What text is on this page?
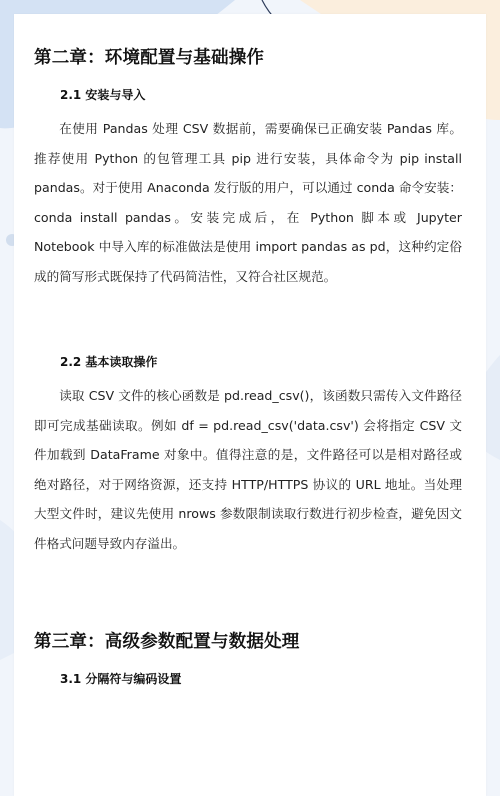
第二章：环境配置与基础操作
2.1 安装与导入

在使用 Pandas 处理 CSV 数据前，需要确保已正确安装 Pandas 库。推荐使用 Python 的包管理工具 pip 进行安装，具体命令为 pip install pandas。对于使用 Anaconda 发行版的用户，可以通过 conda 命令安装：conda install pandas。安装完成后，在 Python 脚本或 Jupyter Notebook 中导入库的标准做法是使用 import pandas as pd，这种约定俗成的简写形式既保持了代码简洁性，又符合社区规范。

2.2 基本读取操作

读取 CSV 文件的核心函数是 pd.read_csv()，该函数只需传入文件路径即可完成基础读取。例如 df = pd.read_csv('data.csv') 会将指定 CSV 文件加载到 DataFrame 对象中。值得注意的是，文件路径可以是相对路径或绝对路径，对于网络资源，还支持 HTTP/HTTPS 协议的 URL 地址。当处理大型文件时，建议先使用 nrows 参数限制读取行数进行初步检查，避免因文件格式问题导致内存溢出。

第三章：高级参数配置与数据处理
3.1 分隔符与编码设置
